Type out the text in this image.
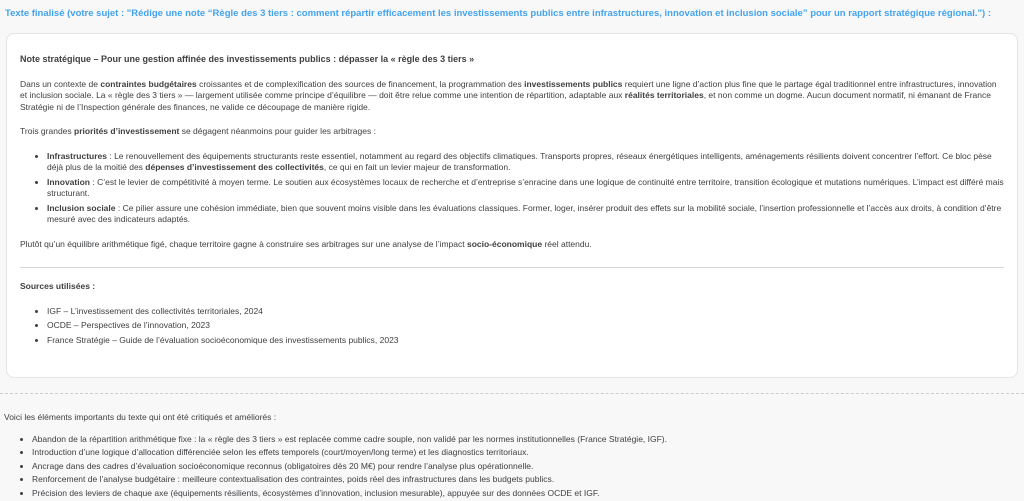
Texte finalisé (votre sujet : "Rédige une note “Règle des 3 tiers : comment répartir efficacement les investissements publics entre infrastructures, innovation et inclusion sociale” pour un rapport stratégique régional.") :

Note stratégique – Pour une gestion affinée des investissements publics : dépasser la « règle des 3 tiers »

Dans un contexte de contraintes budgétaires croissantes et de complexification des sources de financement, la programmation des investissements publics requiert une ligne d’action plus fine que le partage égal traditionnel entre infrastructures, innovation et inclusion sociale. La « règle des 3 tiers » — largement utilisée comme principe d’équilibre — doit être relue comme une intention de répartition, adaptable aux réalités territoriales, et non comme un dogme. Aucun document normatif, ni émanant de France Stratégie ni de l’Inspection générale des finances, ne valide ce découpage de manière rigide.

Trois grandes priorités d’investissement se dégagent néanmoins pour guider les arbitrages :

• Infrastructures : Le renouvellement des équipements structurants reste essentiel, notamment au regard des objectifs climatiques. Transports propres, réseaux énergétiques intelligents, aménagements résilients doivent concentrer l’effort. Ce bloc pèse déjà plus de la moitié des dépenses d’investissement des collectivités, ce qui en fait un levier majeur de transformation.
• Innovation : C’est le levier de compétitivité à moyen terme. Le soutien aux écosystèmes locaux de recherche et d’entreprise s’enracine dans une logique de continuité entre territoire, transition écologique et mutations numériques. L’impact est différé mais structurant.
• Inclusion sociale : Ce pilier assure une cohésion immédiate, bien que souvent moins visible dans les évaluations classiques. Former, loger, insérer produit des effets sur la mobilité sociale, l’insertion professionnelle et l’accès aux droits, à condition d’être mesuré avec des indicateurs adaptés.

Plutôt qu’un équilibre arithmétique figé, chaque territoire gagne à construire ses arbitrages sur une analyse de l’impact socio-économique réel attendu.

Sources utilisées :

• IGF – L’investissement des collectivités territoriales, 2024
• OCDE – Perspectives de l’innovation, 2023
• France Stratégie – Guide de l’évaluation socioéconomique des investissements publics, 2023

Voici les éléments importants du texte qui ont été critiqués et améliorés :

• Abandon de la répartition arithmétique fixe : la « règle des 3 tiers » est replacée comme cadre souple, non validé par les normes institutionnelles (France Stratégie, IGF).
• Introduction d’une logique d’allocation différenciée selon les effets temporels (court/moyen/long terme) et les diagnostics territoriaux.
• Ancrage dans des cadres d’évaluation socioéconomique reconnus (obligatoires dès 20 M€) pour rendre l’analyse plus opérationnelle.
• Renforcement de l’analyse budgétaire : meilleure contextualisation des contraintes, poids réel des infrastructures dans les budgets publics.
• Précision des leviers de chaque axe (équipements résilients, écosystèmes d’innovation, inclusion mesurable), appuyée sur des données OCDE et IGF.
